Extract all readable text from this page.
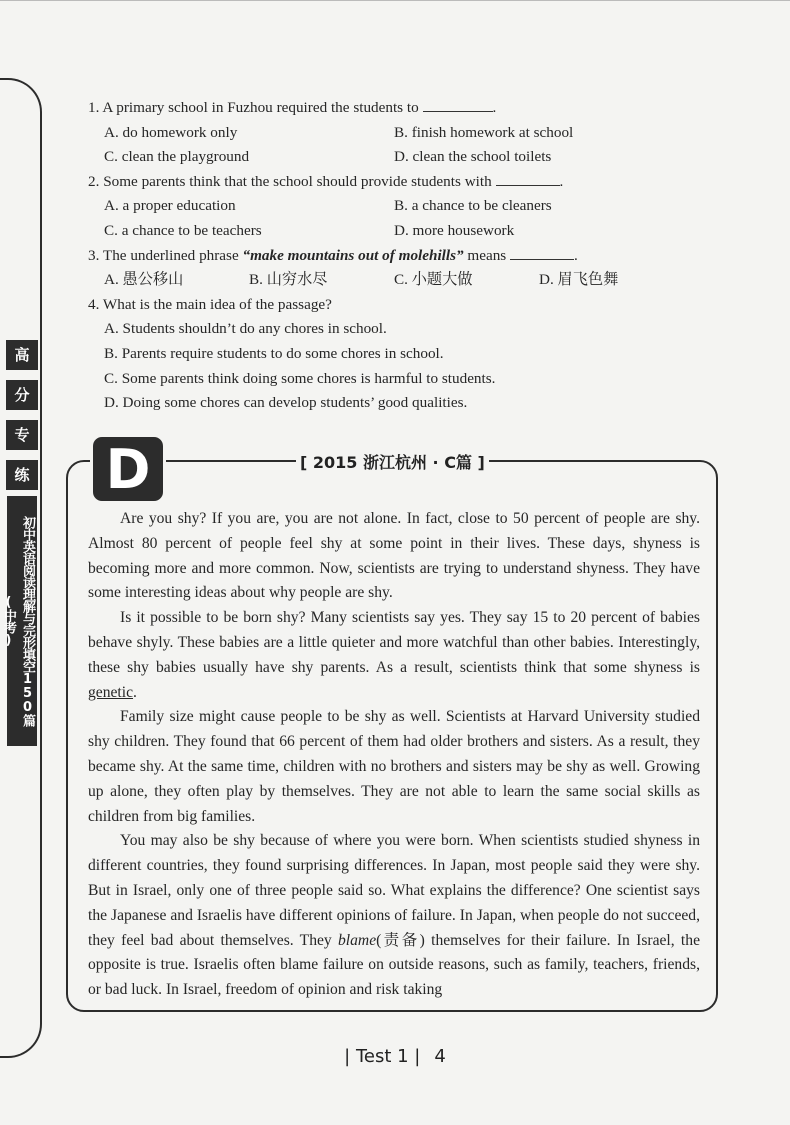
高
分
专
练
初中英语阅读理解与完形填空150篇(中考)
1. A primary school in Fuzhou required the students to	.
A. do homework only	B. finish homework at school
C. clean the playground	D. clean the school toilets
2. Some parents think that the school should provide students with	.
A. a proper education	B. a chance to be cleaners
C. a chance to be teachers	D. more housework
3. The underlined phrase “make mountains out of molehills” means	.
A. 愚公移山	B. 山穷水尽	C. 小题大做	D. 眉飞色舞
4. What is the main idea of the passage?
A. Students shouldn’t do any chores in school.
B. Parents require students to do some chores in school.
C. Some parents think doing some chores is harmful to students.
D. Doing some chores can develop students’ good qualities.
D	[ 2015 浙江杭州 · C篇 ]

Are you shy? If you are, you are not alone. In fact, close to 50 percent of people are shy. Almost 80 percent of people feel shy at some point in their lives. These days, shyness is becoming more and more common. Now, scientists are trying to understand shyness. They have some interesting ideas about why people are shy.

Is it possible to be born shy? Many scientists say yes. They say 15 to 20 percent of babies behave shyly. These babies are a little quieter and more watchful than other babies. Interestingly, these shy babies usually have shy parents. As a result, scientists think that some shyness is genetic.

Family size might cause people to be shy as well. Scientists at Harvard University studied shy children. They found that 66 percent of them had older brothers and sisters. As a result, they became shy. At the same time, children with no brothers and sisters may be shy as well. Growing up alone, they often play by themselves. They are not able to learn the same social skills as children from big families.

You may also be shy because of where you were born. When scientists studied shyness in different countries, they found surprising differences. In Japan, most people said they were shy. But in Israel, only one of three people said so. What explains the difference? One scientist says the Japanese and Israelis have different opinions of failure. In Japan, when people do not succeed, they feel bad about themselves. They blame(责备) themselves for their failure. In Israel, the opposite is true. Israelis often blame failure on outside reasons, such as family, teachers, friends, or bad luck. In Israel, freedom of opinion and risk taking

| Test 1 | 4
